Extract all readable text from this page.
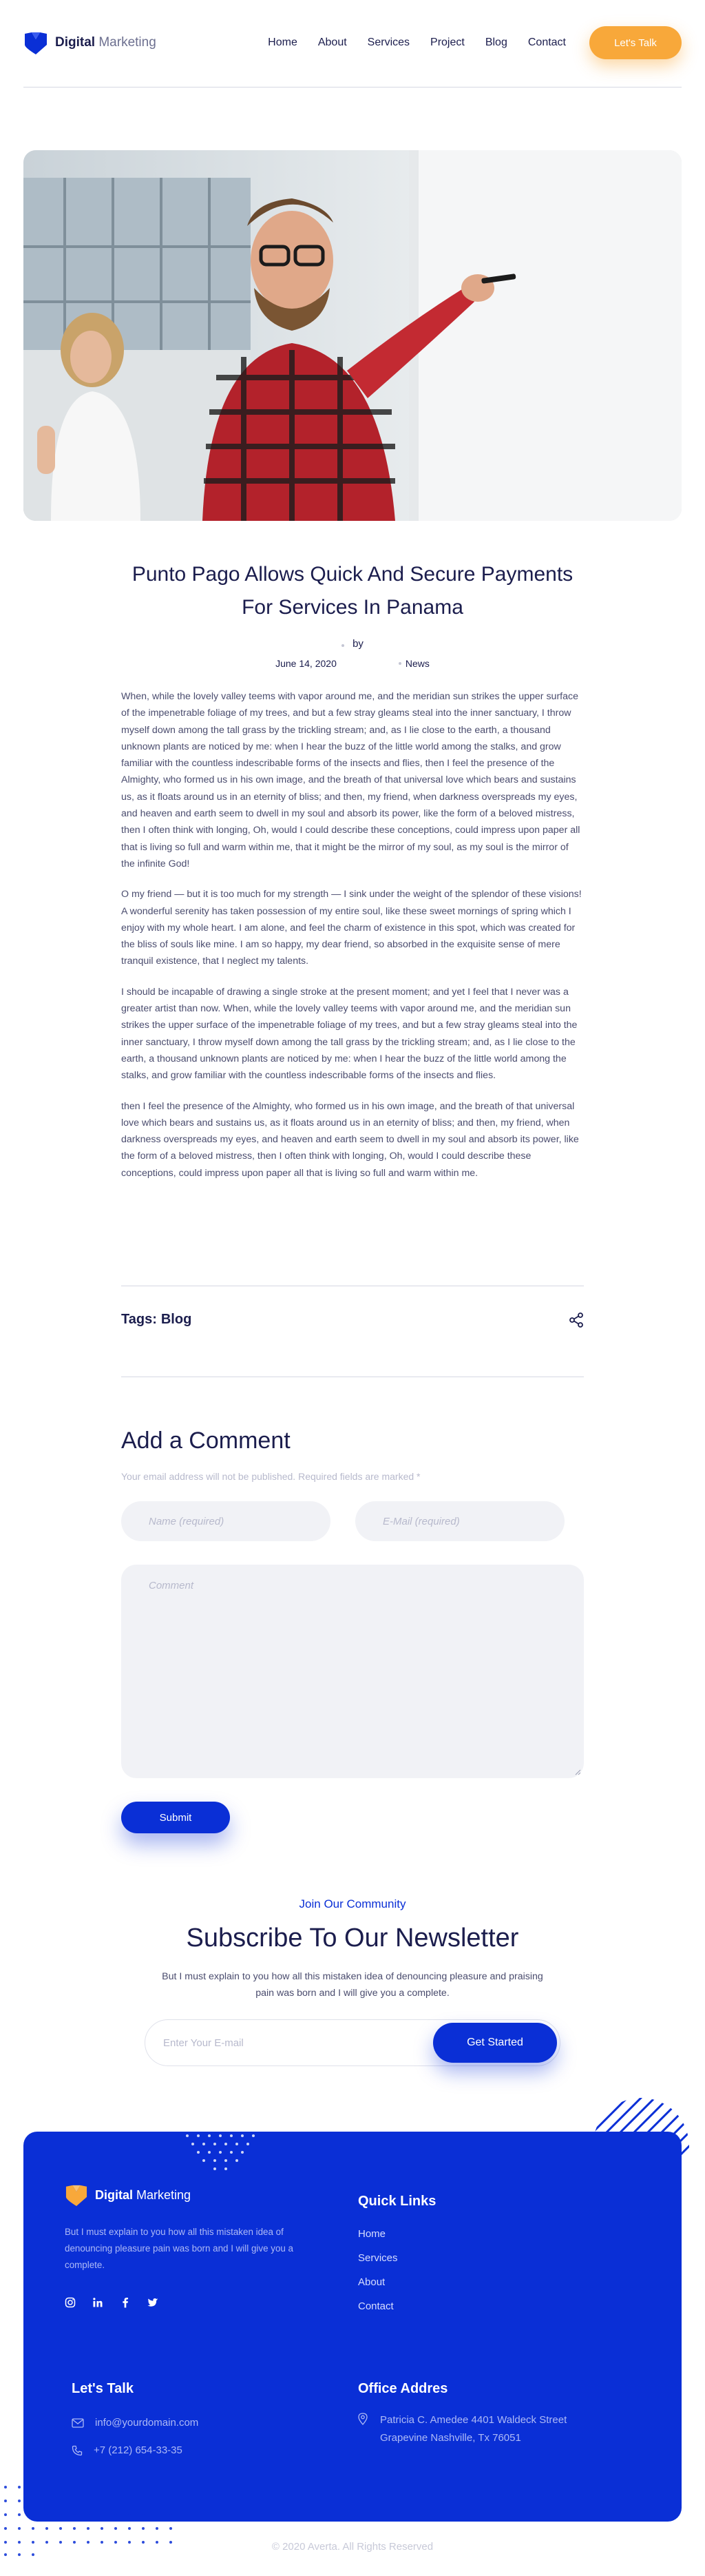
Digital Marketing	Home About Services Project Blog Contact	Let's Talk
Punto Pago Allows Quick And Secure Payments For Services In Panama
by
June 14, 2020	News

When, while the lovely valley teems with vapor around me, and the meridian sun strikes the upper surface of the impenetrable foliage of my trees, and but a few stray gleams steal into the inner sanctuary, I throw myself down among the tall grass by the trickling stream; and, as I lie close to the earth, a thousand unknown plants are noticed by me: when I hear the buzz of the little world among the stalks, and grow familiar with the countless indescribable forms of the insects and flies, then I feel the presence of the Almighty, who formed us in his own image, and the breath of that universal love which bears and sustains us, as it floats around us in an eternity of bliss; and then, my friend, when darkness overspreads my eyes, and heaven and earth seem to dwell in my soul and absorb its power, like the form of a beloved mistress, then I often think with longing, Oh, would I could describe these conceptions, could impress upon paper all that is living so full and warm within me, that it might be the mirror of my soul, as my soul is the mirror of the infinite God!

O my friend — but it is too much for my strength — I sink under the weight of the splendor of these visions! A wonderful serenity has taken possession of my entire soul, like these sweet mornings of spring which I enjoy with my whole heart. I am alone, and feel the charm of existence in this spot, which was created for the bliss of souls like mine. I am so happy, my dear friend, so absorbed in the exquisite sense of mere tranquil existence, that I neglect my talents.

I should be incapable of drawing a single stroke at the present moment; and yet I feel that I never was a greater artist than now. When, while the lovely valley teems with vapor around me, and the meridian sun strikes the upper surface of the impenetrable foliage of my trees, and but a few stray gleams steal into the inner sanctuary, I throw myself down among the tall grass by the trickling stream; and, as I lie close to the earth, a thousand unknown plants are noticed by me: when I hear the buzz of the little world among the stalks, and grow familiar with the countless indescribable forms of the insects and flies.

then I feel the presence of the Almighty, who formed us in his own image, and the breath of that universal love which bears and sustains us, as it floats around us in an eternity of bliss; and then, my friend, when darkness overspreads my eyes, and heaven and earth seem to dwell in my soul and absorb its power, like the form of a beloved mistress, then I often think with longing, Oh, would I could describe these conceptions, could impress upon paper all that is living so full and warm within me.

Tags: Blog
Add a Comment

Your email address will not be published. Required fields are marked *

Name (required)	E-Mail (required)
Comment
Submit
Join Our Community
Subscribe To Our Newsletter

But I must explain to you how all this mistaken idea of denouncing pleasure and praising pain was born and I will give you a complete.

Enter Your E-mail	Get Started
Digital Marketing

But I must explain to you how all this mistaken idea of denouncing pleasure pain was born and I will give you a complete.

Quick Links
Home
Services
About
Contact
Let's Talk
info@yourdomain.com
+7 (212) 654-33-35
Office Addres
Patricia C. Amedee 4401 Waldeck Street
Grapevine Nashville, Tx 76051
© 2020 Averta. All Rights Reserved
